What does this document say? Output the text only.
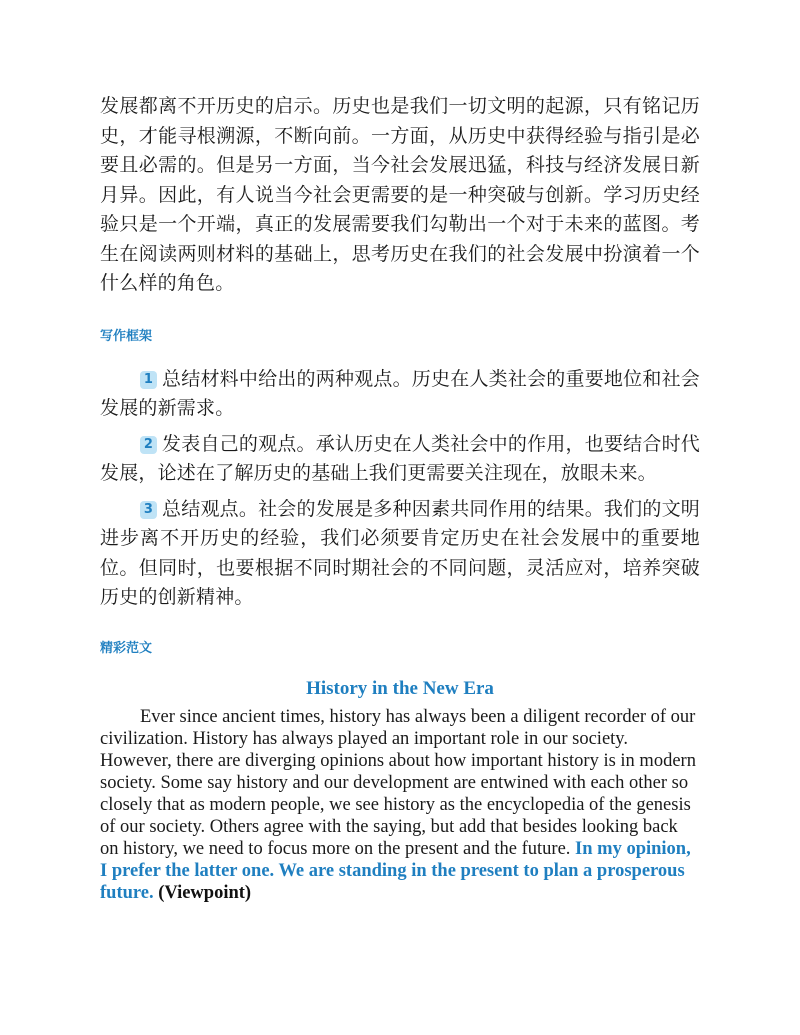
发展都离不开历史的启示。历史也是我们一切文明的起源，只有铭记历史，才能寻根溯源，不断向前。一方面，从历史中获得经验与指引是必要且必需的。但是另一方面，当今社会发展迅猛，科技与经济发展日新月异。因此，有人说当今社会更需要的是一种突破与创新。学习历史经验只是一个开端，真正的发展需要我们勾勒出一个对于未来的蓝图。考生在阅读两则材料的基础上，思考历史在我们的社会发展中扮演着一个什么样的角色。

写作框架

1 总结材料中给出的两种观点。历史在人类社会的重要地位和社会发展的新需求。

2 发表自己的观点。承认历史在人类社会中的作用，也要结合时代发展，论述在了解历史的基础上我们更需要关注现在，放眼未来。

3 总结观点。社会的发展是多种因素共同作用的结果。我们的文明进步离不开历史的经验，我们必须要肯定历史在社会发展中的重要地位。但同时，也要根据不同时期社会的不同问题，灵活应对，培养突破历史的创新精神。

精彩范文

History in the New Era

Ever since ancient times, history has always been a diligent recorder of our civilization. History has always played an important role in our society. However, there are diverging opinions about how important history is in modern society. Some say history and our development are entwined with each other so closely that as modern people, we see history as the encyclopedia of the genesis of our society. Others agree with the saying, but add that besides looking back on history, we need to focus more on the present and the future. In my opinion, I prefer the latter one. We are standing in the present to plan a prosperous future. (Viewpoint)
